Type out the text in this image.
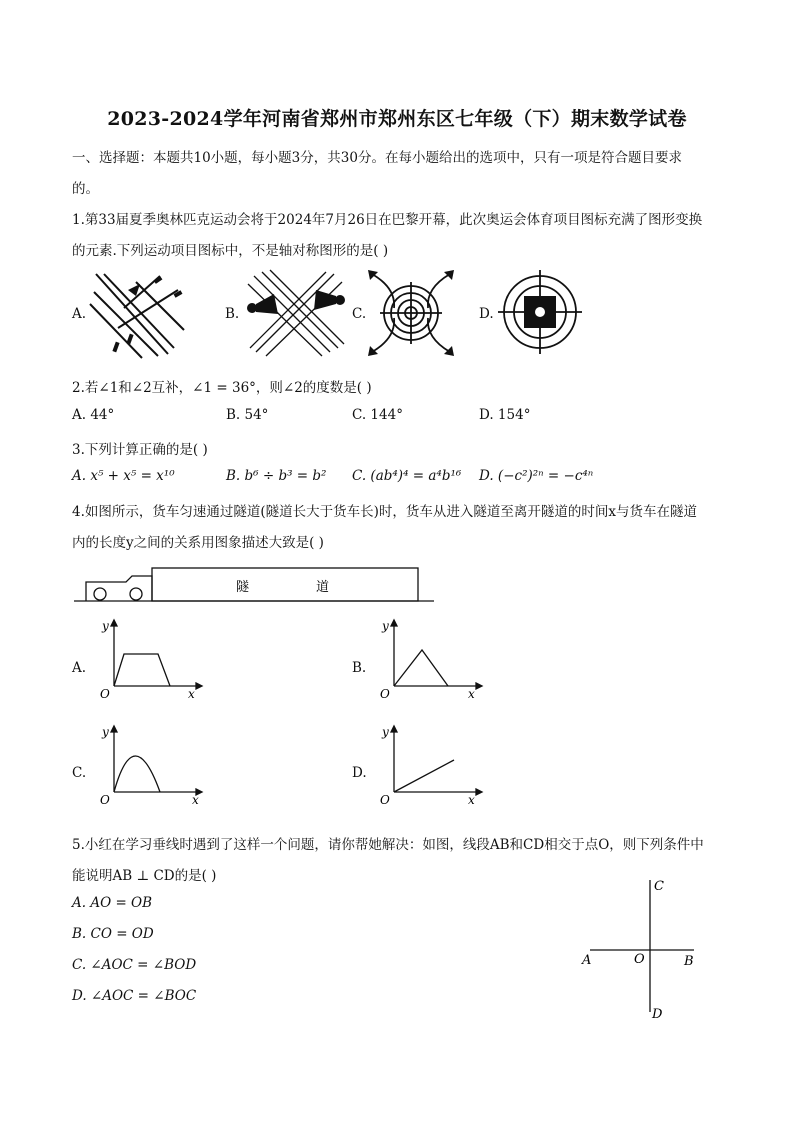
2023-2024学年河南省郑州市郑州东区七年级（下）期末数学试卷
一、选择题：本题共10小题，每小题3分，共30分。在每小题给出的选项中，只有一项是符合题目要求
的。
1.第33届夏季奥林匹克运动会将于2024年7月26日在巴黎开幕，此次奥运会体育项目图标充满了图形变换
的元素.下列运动项目图标中，不是轴对称图形的是( )
A.	B.	C.	D.
2.若∠1和∠2互补，∠1 = 36°，则∠2的度数是( )
A. 44°	B. 54°	C. 144°	D. 154°
3.下列计算正确的是( )
A. x⁵ + x⁵ = x¹⁰	B. b⁶ ÷ b³ = b² C. (ab⁴)⁴ = a⁴b¹⁶ D. (−c²)²ⁿ = −c⁴ⁿ
4.如图所示，货车匀速通过隧道(隧道长大于货车长)时，货车从进入隧道至离开隧道的时间x与货车在隧道
内的长度y之间的关系用图象描述大致是( )
隧	道
A.
y
x
O
B.
y
x
O
C.
y
x
O
D.
y
x
O
5.小红在学习垂线时遇到了这样一个问题，请你帮她解决：如图，线段AB和CD相交于点O，则下列条件中
能说明AB ⊥ CD的是( )
A. AO = OB
B. CO = OD
C. ∠AOC = ∠BOD
D. ∠AOC = ∠BOC
C
A	O	B
D
